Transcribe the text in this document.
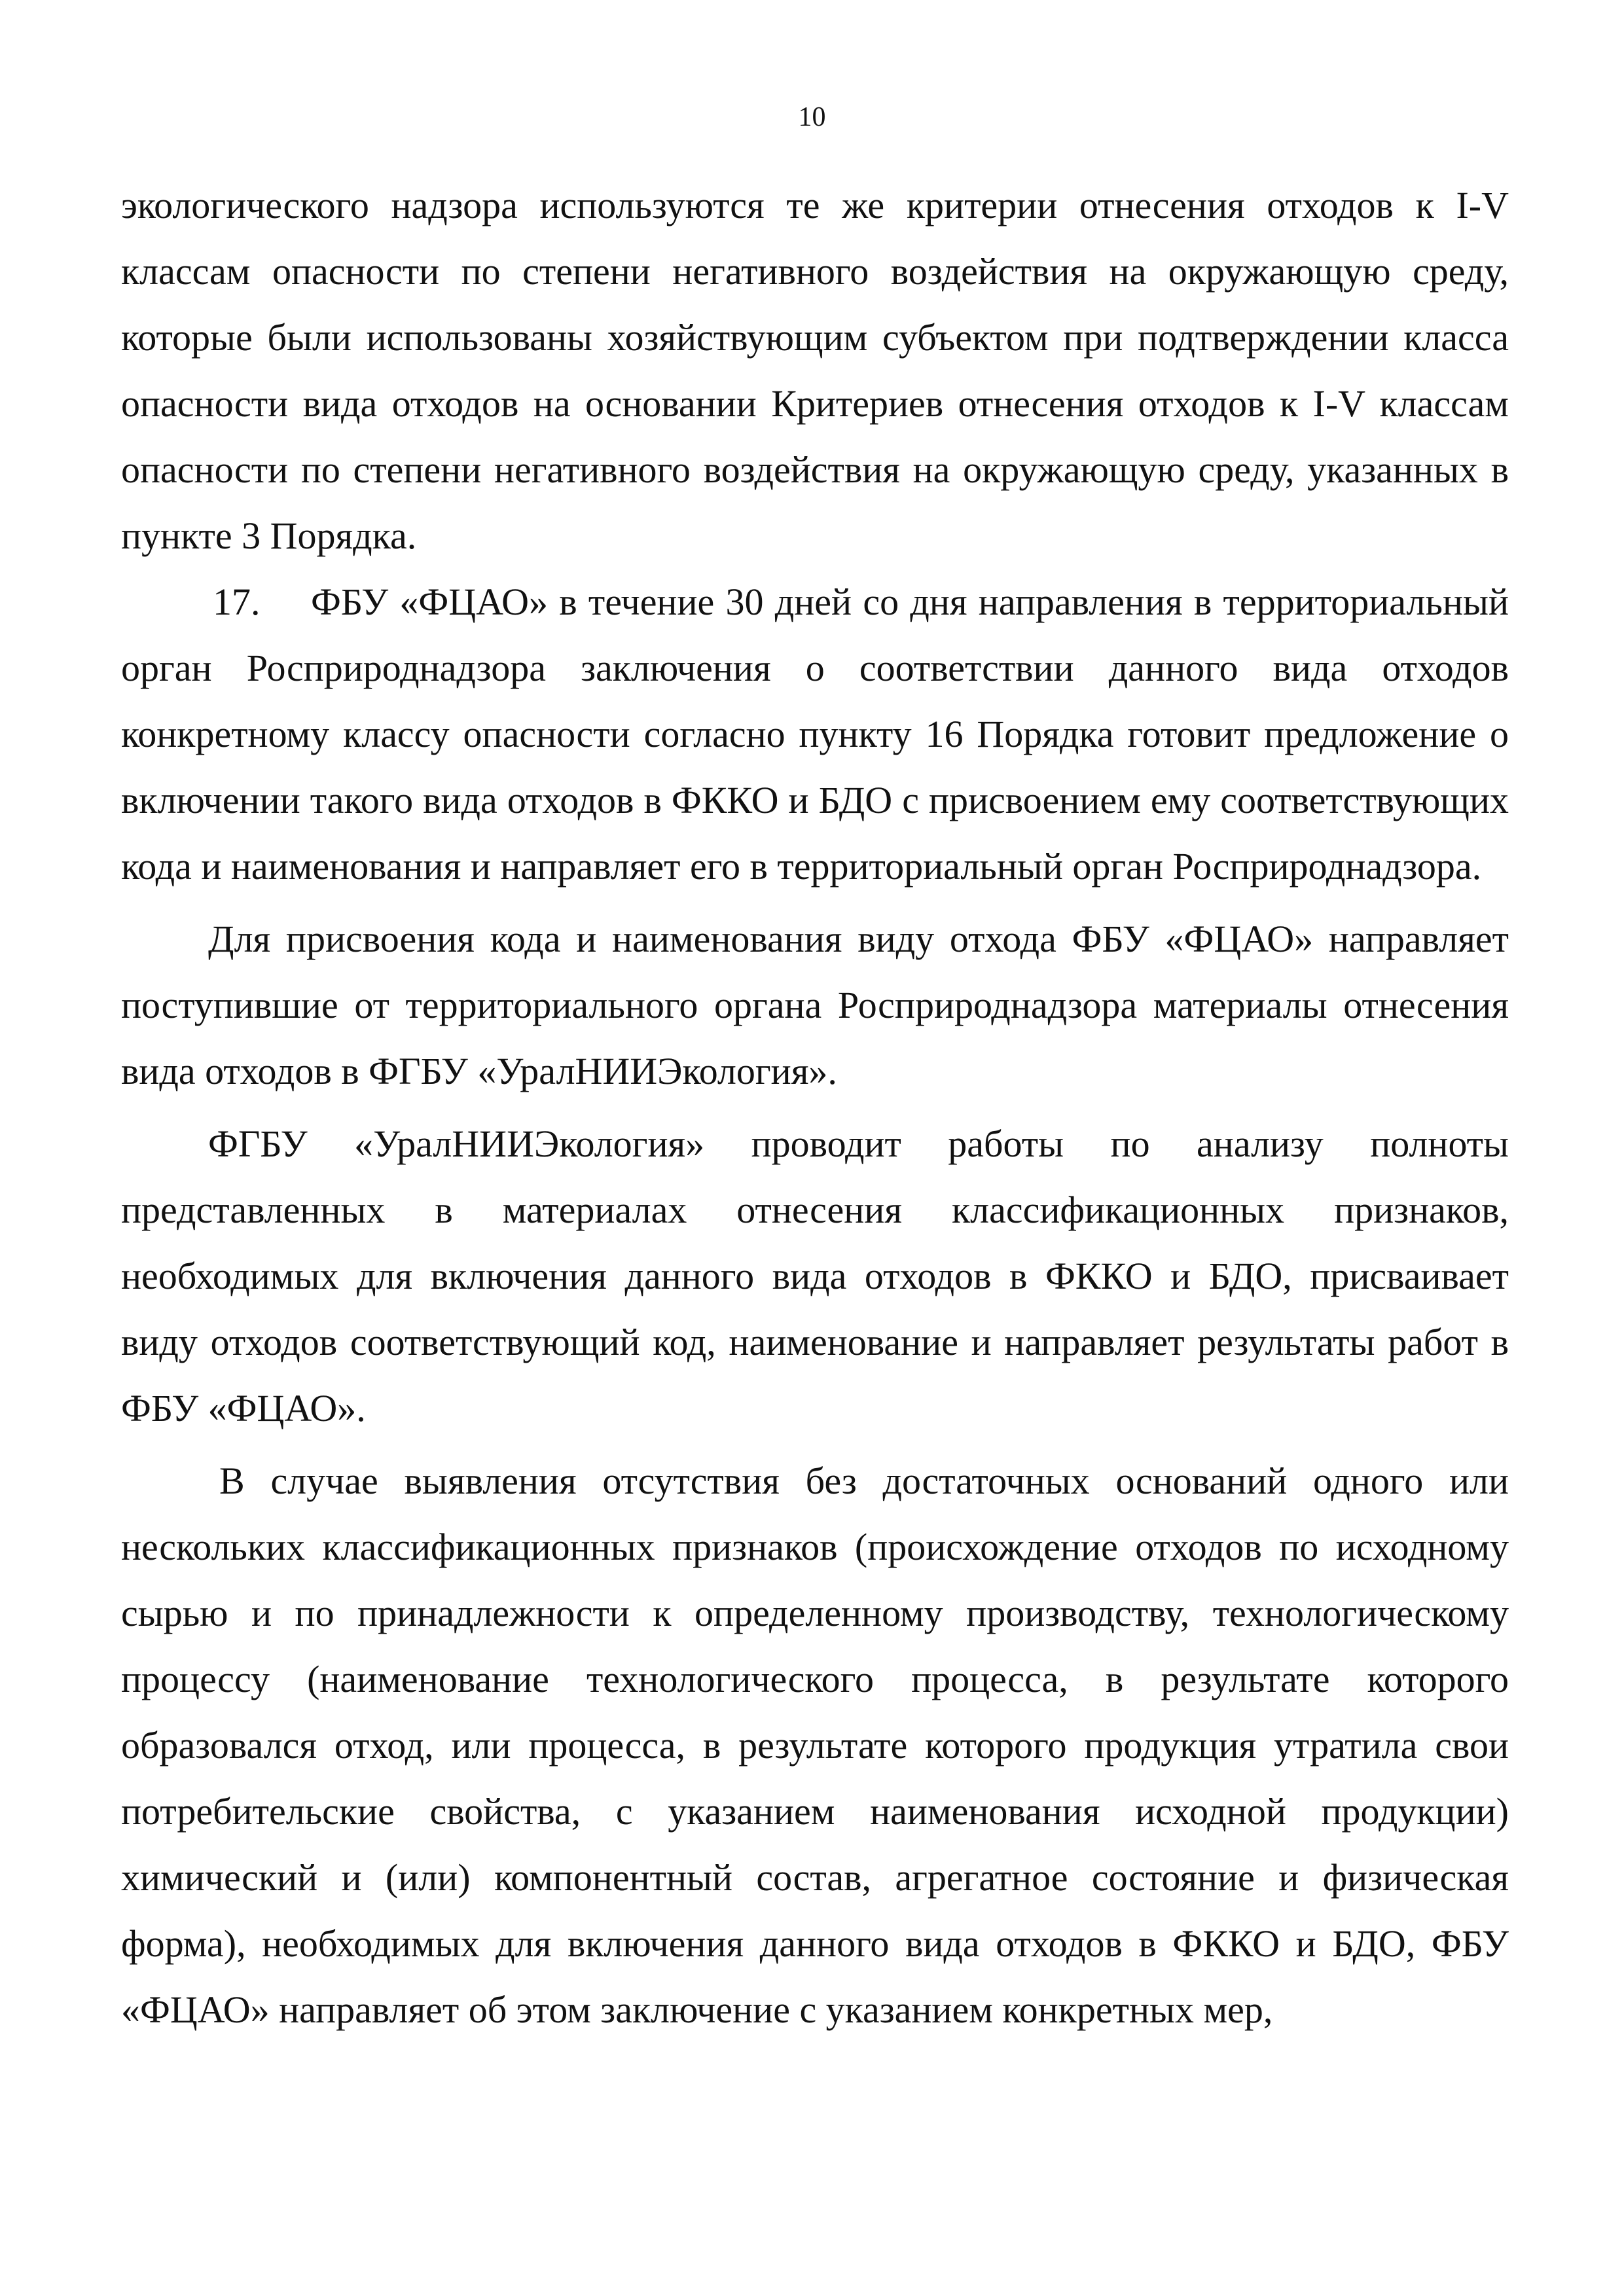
10

экологического надзора используются те же критерии отнесения отходов к I-V классам опасности по степени негативного воздействия на окружающую среду, которые были использованы хозяйствующим субъектом при подтверждении класса опасности вида отходов на основании Критериев отнесения отходов к I-V классам опасности по степени негативного воздействия на окружающую среду, указанных в пункте 3 Порядка.

17. ФБУ «ФЦАО» в течение 30 дней со дня направления в территориальный орган Росприроднадзора заключения о соответствии данного вида отходов конкретному классу опасности согласно пункту 16 Порядка готовит предложение о включении такого вида отходов в ФККО и БДО с присвоением ему соответствующих кода и наименования и направляет его в территориальный орган Росприроднадзора.

Для присвоения кода и наименования виду отхода ФБУ «ФЦАО» направляет поступившие от территориального органа Росприроднадзора материалы отнесения вида отходов в ФГБУ «УралНИИЭкология».

ФГБУ «УралНИИЭкология» проводит работы по анализу полноты представленных в материалах отнесения классификационных признаков, необходимых для включения данного вида отходов в ФККО и БДО, присваивает виду отходов соответствующий код, наименование и направляет результаты работ в ФБУ «ФЦАО».

В случае выявления отсутствия без достаточных оснований одного или нескольких классификационных признаков (происхождение отходов по исходному сырью и по принадлежности к определенному производству, технологическому процессу (наименование технологического процесса, в результате которого образовался отход, или процесса, в результате которого продукция утратила свои потребительские свойства, с указанием наименования исходной продукции) химический и (или) компонентный состав, агрегатное состояние и физическая форма), необходимых для включения данного вида отходов в ФККО и БДО, ФБУ «ФЦАО» направляет об этом заключение с указанием конкретных мер,
